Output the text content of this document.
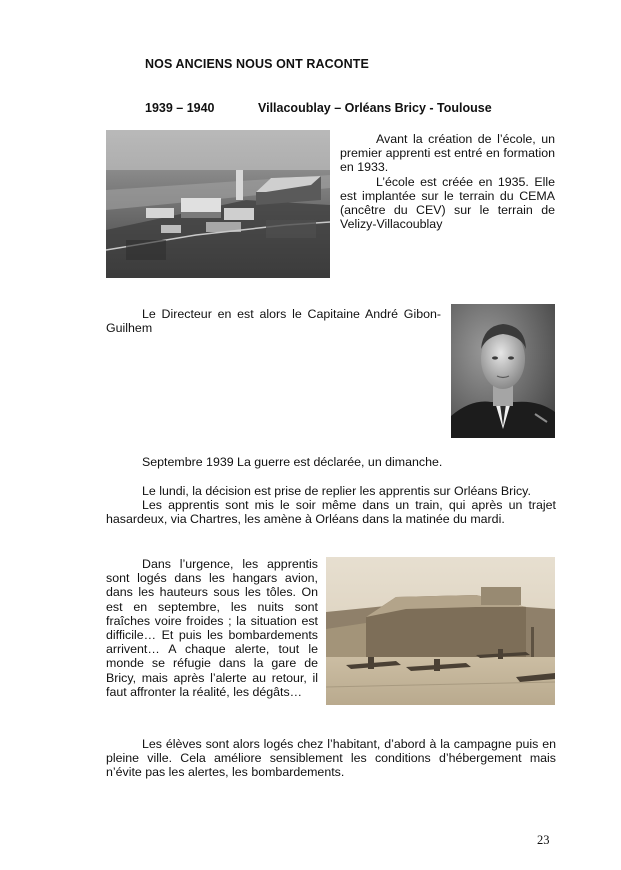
NOS ANCIENS NOUS ONT RACONTE
1939 – 1940	Villacoublay – Orléans Bricy - Toulouse

Avant la création de l’école, un premier apprenti est entré en formation en 1933.

L’école est créée en 1935. Elle est implantée sur le terrain du CEMA (ancêtre du CEV) sur le terrain de Velizy-Villacoublay

Le Directeur en est alors le Capitaine André Gibon-Guilhem

Septembre 1939 La guerre est déclarée, un dimanche.

Le lundi, la décision est prise de replier les apprentis sur Orléans Bricy.

Les apprentis sont mis le soir même dans un train, qui après un trajet hasardeux, via Chartres, les amène à Orléans dans la matinée du mardi.

Dans l’urgence, les apprentis sont logés dans les hangars avion, dans les hauteurs sous les tôles. On est en septembre, les nuits sont fraîches voire froides ; la situation est difficile… Et puis les bombardements arrivent… A chaque alerte, tout le monde se réfugie dans la gare de Bricy, mais après l’alerte au retour, il faut affronter la réalité, les dégâts…

Les élèves sont alors logés chez l’habitant, d’abord à la campagne puis en pleine ville. Cela améliore sensiblement les conditions d’hébergement mais n’évite pas les alertes, les bombardements.

23
